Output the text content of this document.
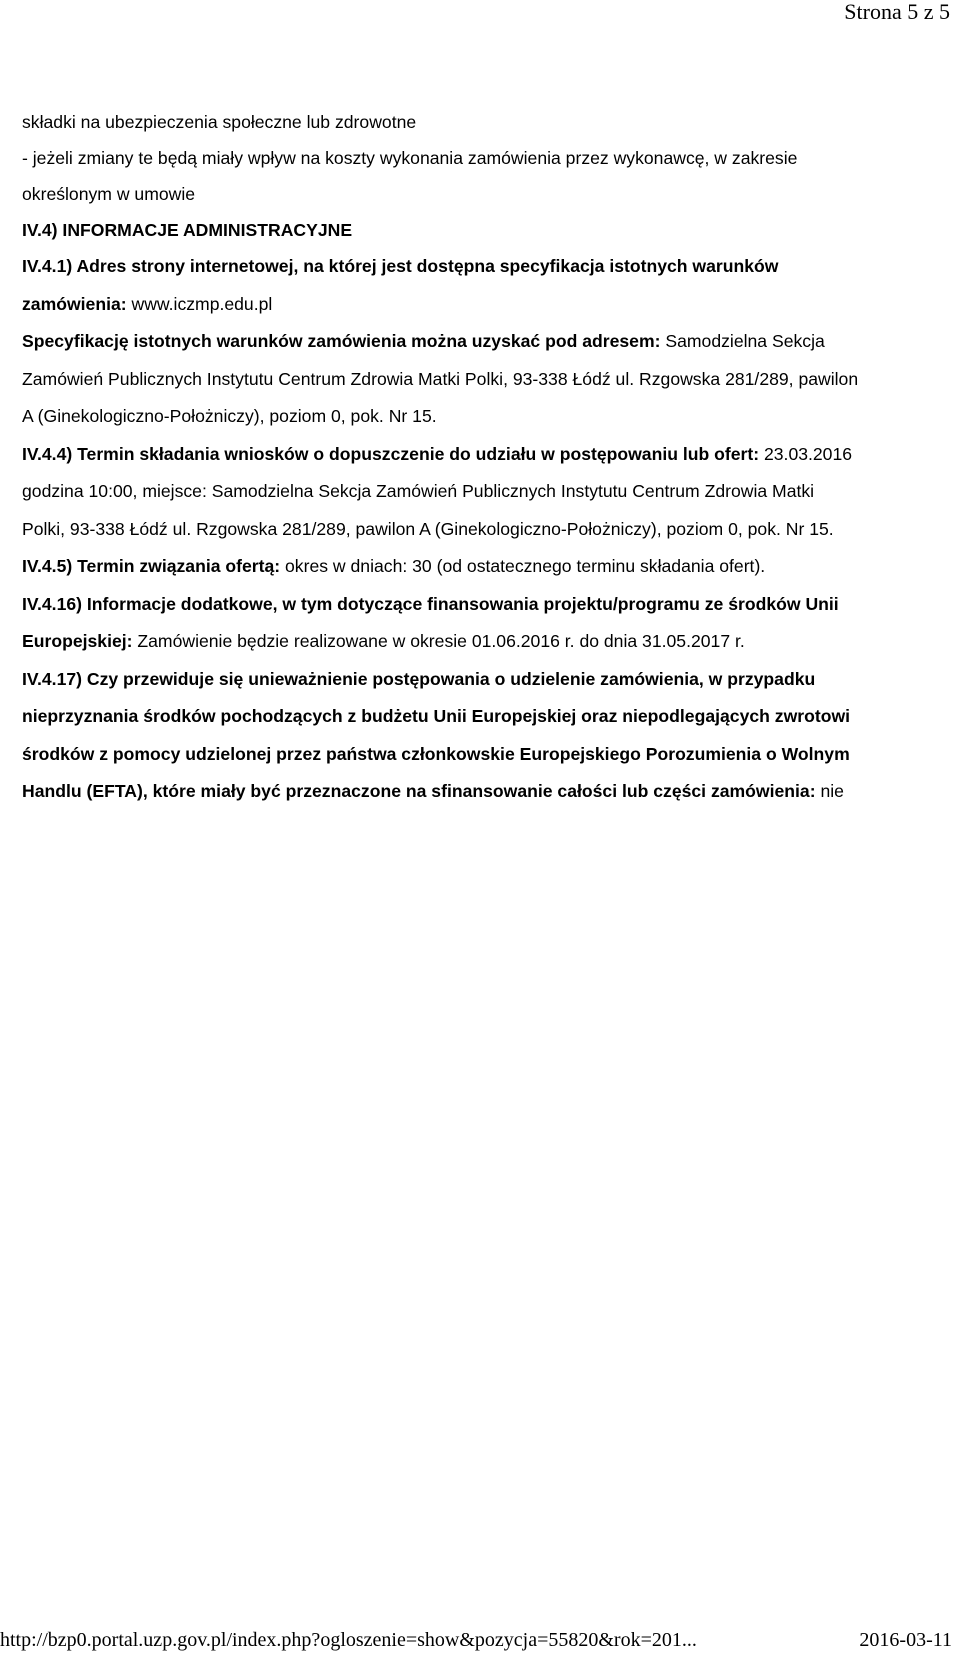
Strona 5 z 5
składki na ubezpieczenia społeczne lub zdrowotne
- jeżeli zmiany te będą miały wpływ na koszty wykonania zamówienia przez wykonawcę, w zakresie
określonym w umowie
IV.4) INFORMACJE ADMINISTRACYJNE
IV.4.1) Adres strony internetowej, na której jest dostępna specyfikacja istotnych warunków
zamówienia: www.iczmp.edu.pl
Specyfikację istotnych warunków zamówienia można uzyskać pod adresem: Samodzielna Sekcja
Zamówień Publicznych Instytutu Centrum Zdrowia Matki Polki, 93-338 Łódź ul. Rzgowska 281/289, pawilon
A (Ginekologiczno-Położniczy), poziom 0, pok. Nr 15.
IV.4.4) Termin składania wniosków o dopuszczenie do udziału w postępowaniu lub ofert: 23.03.2016
godzina 10:00, miejsce: Samodzielna Sekcja Zamówień Publicznych Instytutu Centrum Zdrowia Matki
Polki, 93-338 Łódź ul. Rzgowska 281/289, pawilon A (Ginekologiczno-Położniczy), poziom 0, pok. Nr 15.
IV.4.5) Termin związania ofertą: okres w dniach: 30 (od ostatecznego terminu składania ofert).
IV.4.16) Informacje dodatkowe, w tym dotyczące finansowania projektu/programu ze środków Unii
Europejskiej: Zamówienie będzie realizowane w okresie 01.06.2016 r. do dnia 31.05.2017 r.
IV.4.17) Czy przewiduje się unieważnienie postępowania o udzielenie zamówienia, w przypadku
nieprzyznania środków pochodzących z budżetu Unii Europejskiej oraz niepodlegających zwrotowi
środków z pomocy udzielonej przez państwa członkowskie Europejskiego Porozumienia o Wolnym
Handlu (EFTA), które miały być przeznaczone na sfinansowanie całości lub części zamówienia: nie
http://bzp0.portal.uzp.gov.pl/index.php?ogloszenie=show&pozycja=55820&rok=201...	2016-03-11
